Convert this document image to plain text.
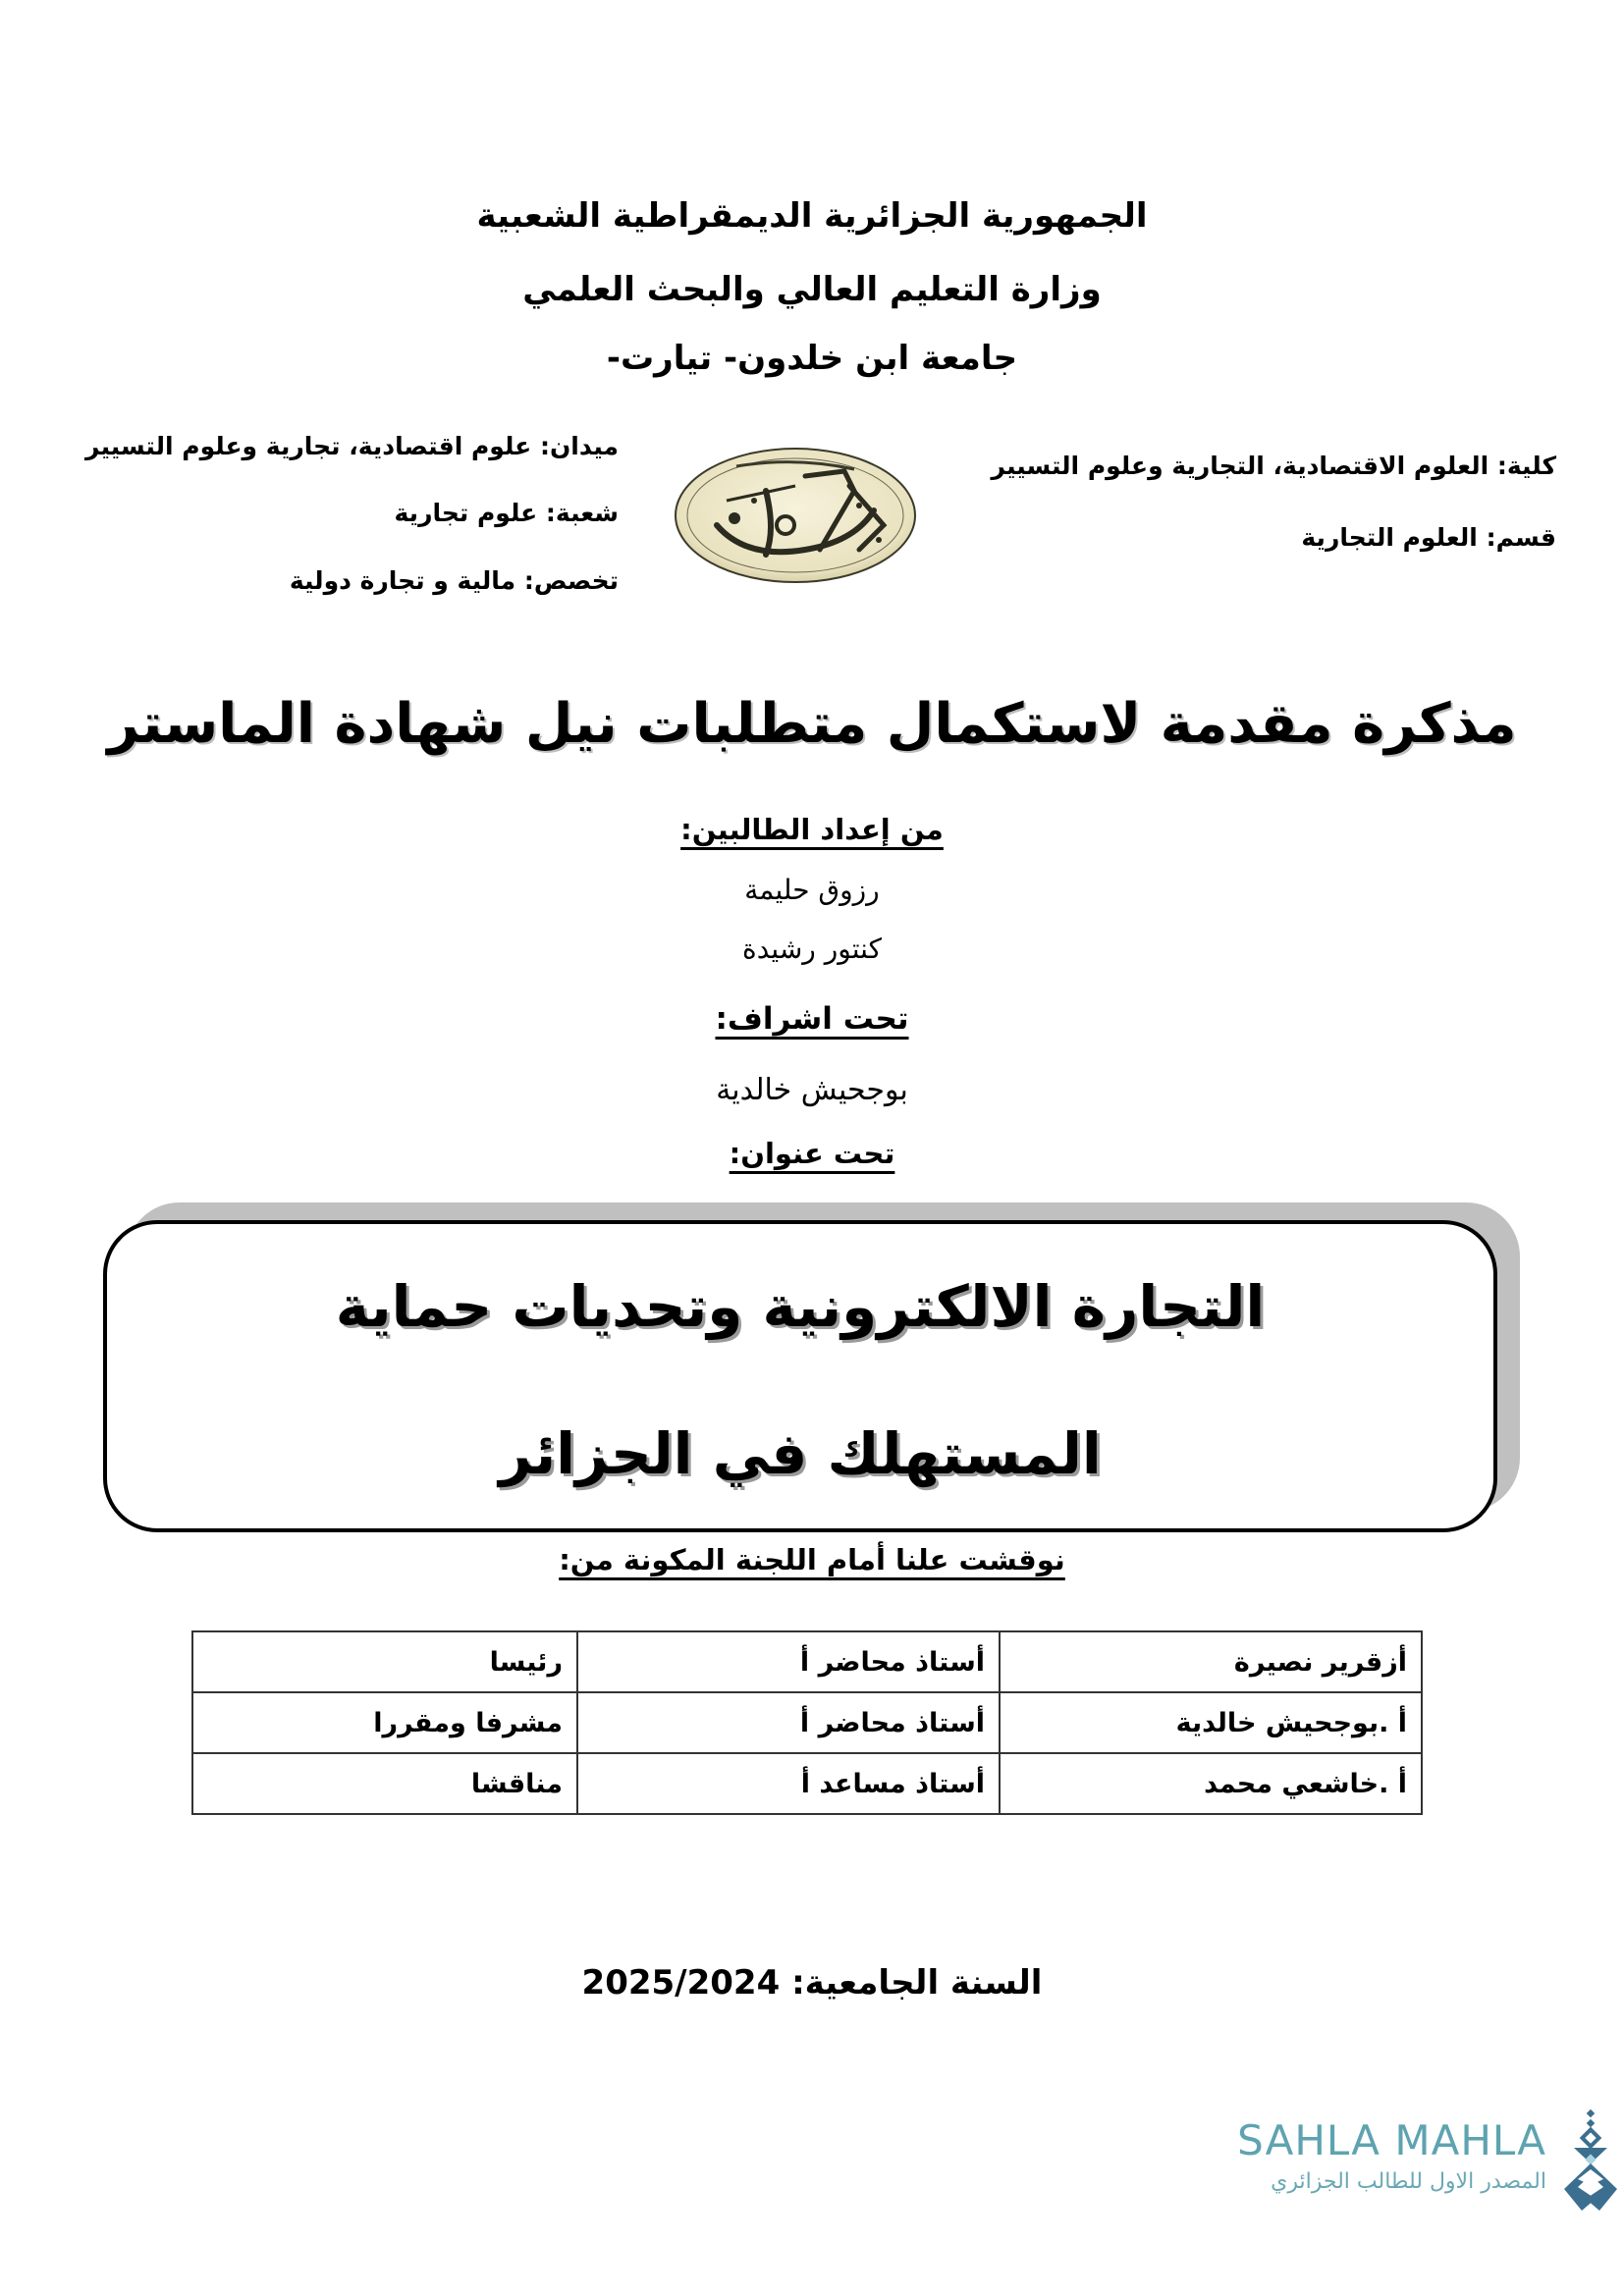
الجمهورية الجزائرية الديمقراطية الشعبية
وزارة التعليم العالي والبحث العلمي
جامعة ابن خلدون- تيارت-
ميدان: علوم اقتصادية، تجارية وعلوم التسيير
شعبة: علوم تجارية
تخصص: مالية و تجارة دولية
كلية: العلوم الاقتصادية، التجارية وعلوم التسيير
قسم: العلوم التجارية
مذكرة مقدمة لاستكمال متطلبات نيل شهادة الماستر
من إعداد الطالبين:
رزوق حليمة
كنتور رشيدة
تحت اشراف:
بوجحيش خالدية
تحت عنوان:
التجارة الالكترونية وتحديات حماية
المستهلك في الجزائر
نوقشت علنا أمام اللجنة المكونة من:
أزقرير نصيرة	أستاذ محاضر أ	رئيسا
أ .بوجحيش خالدية	أستاذ محاضر أ	مشرفا ومقررا
أ .خاشعي محمد	أستاذ مساعد أ	مناقشا
السنة الجامعية: 2025/2024
SAHLA MAHLA
المصدر الاول للطالب الجزائري
